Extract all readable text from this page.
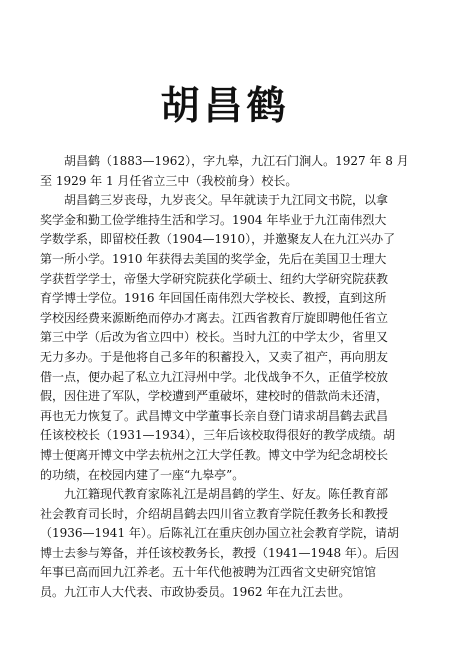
胡昌鹤
胡昌鹤（1883—1962），字九皋，九江石门涧人。1927 年 8 月
至 1929 年 1 月任省立三中（我校前身）校长。
胡昌鹤三岁丧母，九岁丧父。早年就读于九江同文书院，以拿
奖学金和勤工俭学维持生活和学习。1904 年毕业于九江南伟烈大
学数学系，即留校任教（1904—1910），并邀聚友人在九江兴办了
第一所小学。1910 年获得去美国的奖学金，先后在美国卫士理大
学获哲学学士，帝堡大学研究院获化学硕士、纽约大学研究院获教
育学博士学位。1916 年回国任南伟烈大学校长、教授，直到这所
学校因经费来源断绝而停办才离去。江西省教育厅旋即聘他任省立
第三中学（后改为省立四中）校长。当时九江的中学太少，省里又
无力多办。于是他将自己多年的积蓄投入，又卖了祖产，再向朋友
借一点，便办起了私立九江浔州中学。北伐战争不久，正值学校放
假，因住进了军队，学校遭到严重破坏，建校时的借款尚未还清，
再也无力恢复了。武昌博文中学董事长亲自登门请求胡昌鹤去武昌
任该校校长（1931—1934），三年后该校取得很好的教学成绩。胡
博士便离开博文中学去杭州之江大学任教。博文中学为纪念胡校长
的功绩，在校园内建了一座“九皋亭”。
九江籍现代教育家陈礼江是胡昌鹤的学生、好友。陈任教育部
社会教育司长时，介绍胡昌鹤去四川省立教育学院任教务长和教授
（1936—1941 年）。后陈礼江在重庆创办国立社会教育学院，请胡
博士去参与筹备，并任该校教务长，教授（1941—1948 年）。后因
年事已高而回九江养老。五十年代他被聘为江西省文史研究馆馆
员。九江市人大代表、市政协委员。1962 年在九江去世。
